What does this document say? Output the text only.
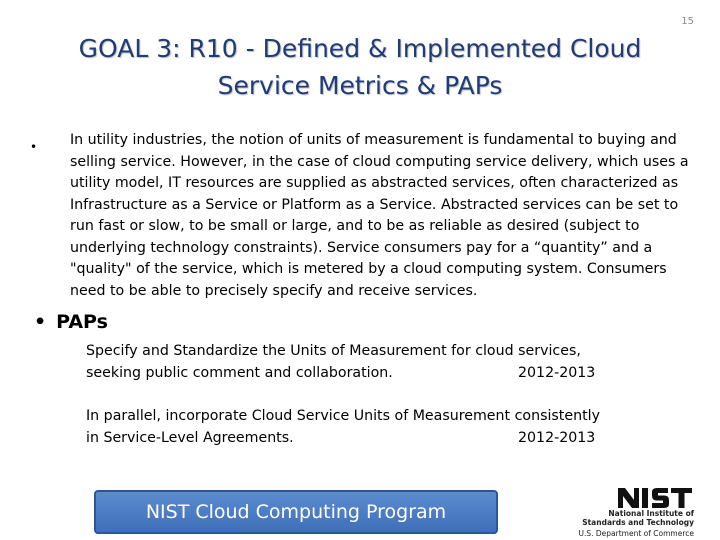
15
GOAL 3: R10 - Defined & Implemented Cloud
Service Metrics & PAPs
• In utility industries, the notion of units of measurement is fundamental to buying and selling service. However, in the case of cloud computing service delivery, which uses a utility model, IT resources are supplied as abstracted services, often characterized as Infrastructure as a Service or Platform as a Service. Abstracted services can be set to run fast or slow, to be small or large, and to be as reliable as desired (subject to underlying technology constraints). Service consumers pay for a “quantity” and a "quality" of the service, which is metered by a cloud computing system. Consumers need to be able to precisely specify and receive services.
• PAPs
Specify and Standardize the Units of Measurement for cloud services,
seeking public comment and collaboration.	2012-2013
In parallel, incorporate Cloud Service Units of Measurement consistently
in Service-Level Agreements.	2012-2013
NIST Cloud Computing Program	National Institute of
Standards and Technology
U.S. Department of Commerce
